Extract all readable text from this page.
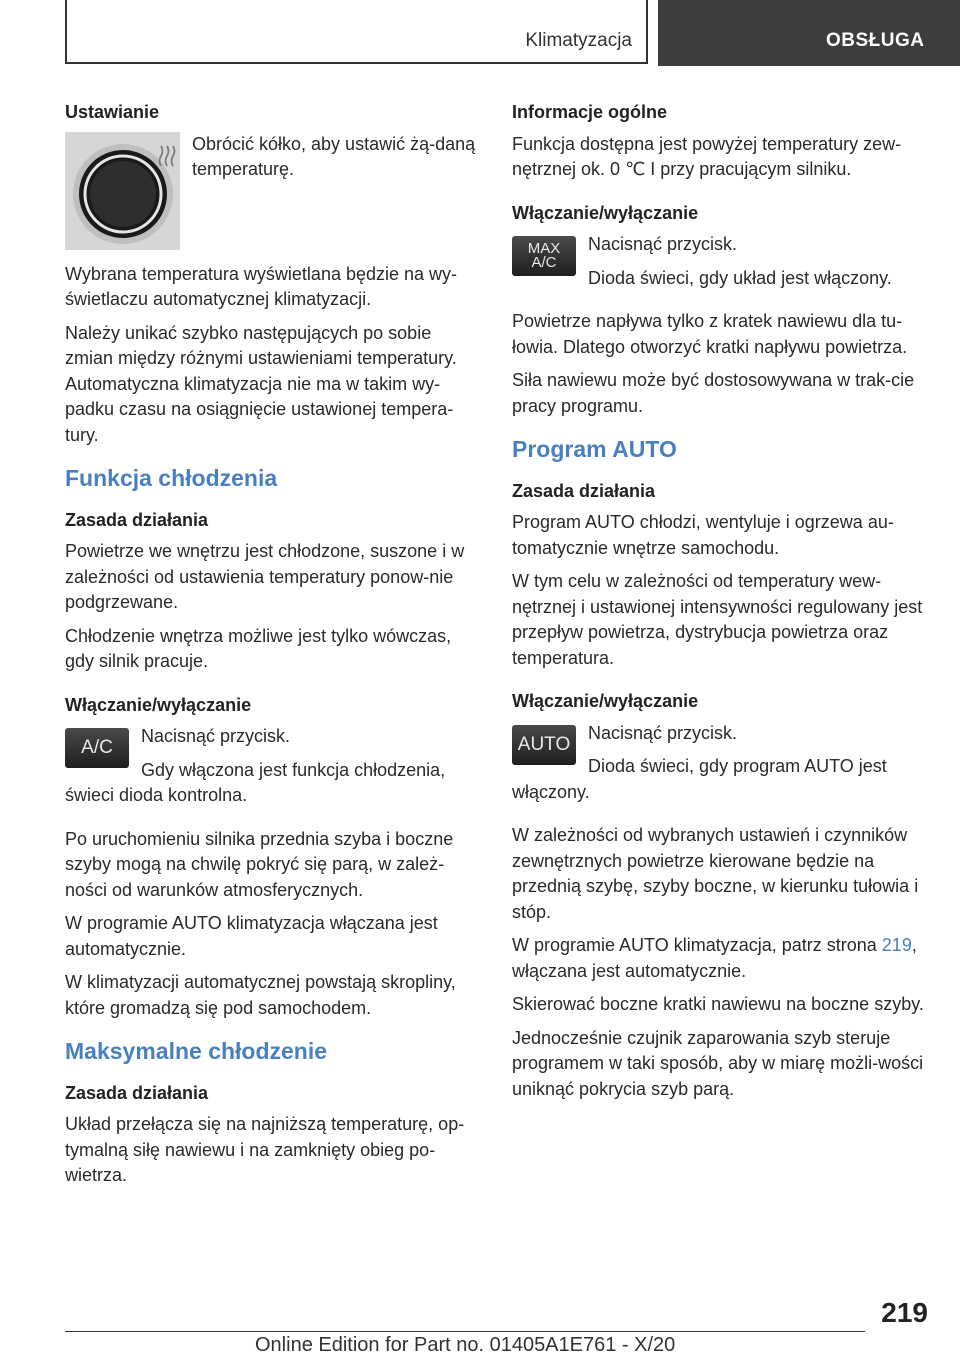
Klimatyzacja	OBSŁUGA
Ustawianie

Obrócić kółko, aby ustawić żą-daną temperaturę.

Wybrana temperatura wyświetlana będzie na wy-świetlaczu automatycznej klimatyzacji.

Należy unikać szybko następujących po sobie zmian między różnymi ustawieniami temperatury. Automatyczna klimatyzacja nie ma w takim wy-padku czasu na osiągnięcie ustawionej tempera-tury.

Funkcja chłodzenia
Zasada działania

Powietrze we wnętrzu jest chłodzone, suszone i w zależności od ustawienia temperatury ponow-nie podgrzewane.

Chłodzenie wnętrza możliwe jest tylko wówczas, gdy silnik pracuje.

Włączanie/wyłączanie
A/C

Nacisnąć przycisk.

Gdy włączona jest funkcja chłodzenia, świeci dioda kontrolna.

Po uruchomieniu silnika przednia szyba i boczne szyby mogą na chwilę pokryć się parą, w zależ-ności od warunków atmosferycznych.

W programie AUTO klimatyzacja włączana jest automatycznie.

W klimatyzacji automatycznej powstają skropliny, które gromadzą się pod samochodem.

Maksymalne chłodzenie
Zasada działania

Układ przełącza się na najniższą temperaturę, op-tymalną siłę nawiewu i na zamknięty obieg po-wietrza.

Informacje ogólne

Funkcja dostępna jest powyżej temperatury zew-nętrznej ok. 0 ℃ I przy pracującym silniku.

Włączanie/wyłączanie
MAX
A/C

Nacisnąć przycisk.

Dioda świeci, gdy układ jest włączony.

Powietrze napływa tylko z kratek nawiewu dla tu-łowia. Dlatego otworzyć kratki napływu powietrza.

Siła nawiewu może być dostosowywana w trak-cie pracy programu.

Program AUTO
Zasada działania

Program AUTO chłodzi, wentyluje i ogrzewa au-tomatycznie wnętrze samochodu.

W tym celu w zależności od temperatury wew-nętrznej i ustawionej intensywności regulowany jest przepływ powietrza, dystrybucja powietrza oraz temperatura.

Włączanie/wyłączanie
AUTO

Nacisnąć przycisk.

Dioda świeci, gdy program AUTO jest włączony.

W zależności od wybranych ustawień i czynników zewnętrznych powietrze kierowane będzie na przednią szybę, szyby boczne, w kierunku tułowia i stóp.

W programie AUTO klimatyzacja, patrz strona 219, włączana jest automatycznie.

Skierować boczne kratki nawiewu na boczne szyby.

Jednocześnie czujnik zaparowania szyb steruje programem w taki sposób, aby w miarę możli-wości uniknąć pokrycia szyb parą.

219
Online Edition for Part no. 01405A1E761 - X/20
